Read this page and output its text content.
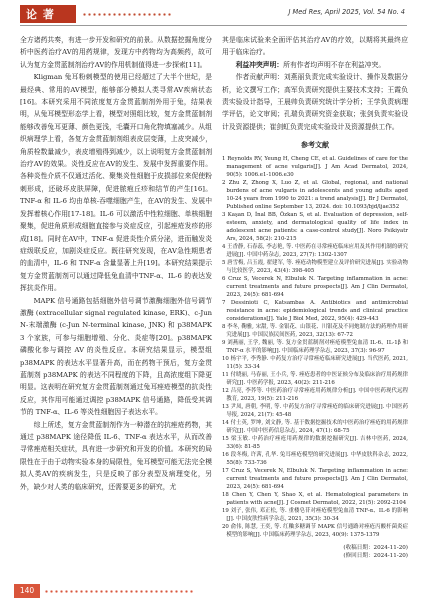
论 著	J Med Res, April 2025, Vol. 54 No. 4

全方诸药共奏，有进一步开发和研究的前景。从数据挖掘角度分析中医药治疗AV的用药规律，发现方中药物均为高频药，故可认为复方金贯蓝制剂治疗AV的作用机制值得进一步探索[11]。

Kligman 兔耳粉刺模型的使用已经超过了大半个世纪，是最经典、常用的AV模型，能够部分模拟人类寻常AV疾病状态[16]。本研究采用不同浓度复方金贯蓝制剂外用于兔，结果表明，从兔耳模型形态学上看，模型对照组比较，复方金贯蓝制剂能够改善兔耳更薄、颜色更浅，毛囊开口角化物填塞减少。从组织病理学上看，各复方金贯蓝制剂组表皮层变薄，上皮突减少，角质栓数量减少，表皮增殖得到减少，以上说明复方金贯蓝制剂治疗AV的效果。炎性反应在AV的发生、发展中发挥重要作用。各种炎性介质不仅通过活化、聚集炎性细胞于皮损部位来促使粉刺形成，还破坏皮肤屏障，促进脓疱丘疹和结节的产生[16]。TNF-α 和 IL-6 均由单核-吞噬细胞产生，在AV的发生、发展中发挥着核心作用[17-18]。IL-6 可以激活中性粒细胞、单核细胞聚集，促进角质形成细胞直接参与炎症反应，引起痤疮发疹的形成[18]。同时在AV中，TNF-α 促进炎性介质分泌，进而触发炎症级联反应，加剧炎症反应。既往研究发现，在AV急性期患者的血清中，IL-6 和 TNF-α 含量显著上升[19]。本研究结果提示复方金贯蓝制剂可以通过降低兔血清中TNF-α、IL-6 的表达发挥抗炎作用。

MAPK 信号通路包括细胞外信号调节激酶细胞外信号调节激酶 (extracellular signal regulated kinase, ERK)、c-Jun N-末端激酶 (c-Jun N-terminal kinase, JNK) 和 p38MAPK 3 个家族，可参与细胞增殖、分化、炎症等[20]。p38MAPK 磷酸化参与调控 AV 的炎性反应。本研究结果显示，模型组 p38MAPK 的表达水平显著升高，而在药物干预后，复方金贯蓝制剂 p38MAPK 的表达不同程度的下降，且高浓度组下降更明显。这表明在研究复方金贯蓝制剂通过兔耳痤疮模型的抗炎性反应，其作用可能通过调控 p38MAPK 信号通路，降低受其调节的 TNF-α、IL-6 等炎性细胞因子表达水平。

综上所述，复方金贯蓝制剂作为一种潜在的抗痤疮药物，其通过 p38MAPK 途径降低 IL-6、TNF-α 表达水平，从而改善寻常痤疮相关症状，具有进一步研究和开发的价值。本研究的局限性在于由于动物实验本身的局限性，兔耳模型可能无法完全模拟人类AV的疾病发生，只是反映了部分表型及病理变化，另外，缺少对人类的临床研究，还需要更多的研究，尤

其是临床试验来全面评估其治疗AV的疗效，以期将其最终应用于临床治疗。

利益冲突声明：所有作者均声明不存在利益冲突。

作者贡献声明：刘燕丽负责完成实验设计、操作及数据分析，论文撰写工作；高军负责研究提供主要技术支持；王霞负责实验设计指导，王晨帅负责研究统计学分析；王学负责病理学评估，论文审阅；孔瑞负责研究资金获取；张剑负责实验设计及资源提供；崔剑虹负责完成实验设计及资源提供工作。

参考文献
1 Reynolds RV, Yeung H, Cheng CE, et al. Guidelines of care for the management of acne vulgaris[J]. J Am Acad Dermatol, 2024, 90(5): 1006.e1-1006.e30
2 Zhu Z, Zhong X, Luo Z, et al. Global, regional, and national burdens of acne vulgaris in adolescents and young adults aged 10-24 years from 1990 to 2021: a trend analysis[J]. Br J Dermatol, Published online September 13, 2024. doi: 10.1093/bjd/ljae352
3 Kaşan D, İnal BB, Özkan S, et al. Evaluation of depression, self-esteem, anxiety, and dermatological quality of life index in adolescent acne patients: a case-control study[J]. Noro Psikiyatr Ars, 2024, 58(2): 210-215
4 王香静, 石春蕊, 李志艳, 等. 中医药在寻常痤疮临床应用及其作用机制的研究进展[J]. 中国中药杂志, 2023, 27(7): 1302-1307
5 唐雪梅, 吕玉霞, 翟建军, 等. 痤疮动物模型建立及评价研究进展[J]. 实验动物与比较医学, 2023, 43(4): 398-405
6 Cruz S, Vecerek N, Elbuluk N. Targeting inflammation in acne: current treatments and future prospects[J]. Am J Clin Dermatol, 2023, 24(5): 681-694
7 Dessinioti C, Katsambas A. Antibiotics and antimicrobial resistance in acne: epidemiological trends and clinical practice considerations[J]. Yale J Biol Med, 2022, 95(4): 429-443
8 李冬, 鞠雅, 宋甜, 等. 金银花、山银花、川银花及不同炮制方法的药理作用研究进展[J]. 中国民族民间医药, 2023, 32(13): 67-72
9 刘燕丽, 王学, 魏丽, 等. 复方金贯蓝制剂对痤疮模型兔血清 IL-6、IL-1β 和 TNF-α 水平的影响[J]. 中国临床药理学杂志, 2023, 37(3): 96-97
10 杨宇平, 李秀静. 中药复方治疗寻常痤疮临床研究进展[J]. 当代医药, 2021, 11(5): 33-34
11 付晓丽, 马春丽, 王小兵, 等. 痤疮患者的中医证候分布及临床治疗用药规律研究[J]. 中医药学报, 2023, 40(2): 211-216
12 吕亮, 李荞等. 中医药治疗寻常痤疮用药规律分析[J]. 中国中医药现代远程教育, 2023, 19(5): 211-216
13 尹凤, 唐朝, 李明, 等. 中药复方治疗寻常痤疮的临床研究进展[J]. 中国医药导报, 2024, 21(7): 45-48
14 付士英, 罗坤, 刘文静, 等. 基于数据挖掘技术的中医药治疗痤疮的用药规律研究[J]. 中国中医药信息杂志, 2024, 47(1): 68-75
15 梁玉敏. 中药治疗痤疮用药规律的数据挖掘研究[J]. 吉林中医药, 2024, 33(6): 81-85
16 段冬梅, 许茜, 孔华. 兔耳痤疮模型的研究进展[J]. 中华皮肤科杂志, 2022, 55(8): 733-736
17 Cruz S, Vecerek N, Elbuluk N. Targeting inflammation in acne: current treatments and future prospects[J]. Am J Clin Dermatol, 2023, 24(5): 681-694
18 Chen Y, Chen Y, Shao X, et al. Hematological parameters in patients with acne[J]. J Cosmet Dermatol, 2022, 21(5): 2092-2104
19 刘子, 张伟, 邓正松, 等. 重楼皂苷对痤疮模型兔血清 TNF-α、IL-6 的影响[J]. 中国皮肤性病学杂志, 2021, 35(3): 30-34
20 俞伟, 陈慧, 王奕, 等. 红粬多糖调节 MAPK 信号通路对痤疮丙酸杆菌炎症模型的影响[J]. 中国临床药理学杂志, 2023, 40(9): 1375-1379
(收稿日期：2024-11-20)
(修回日期：2024-11-20)
140
